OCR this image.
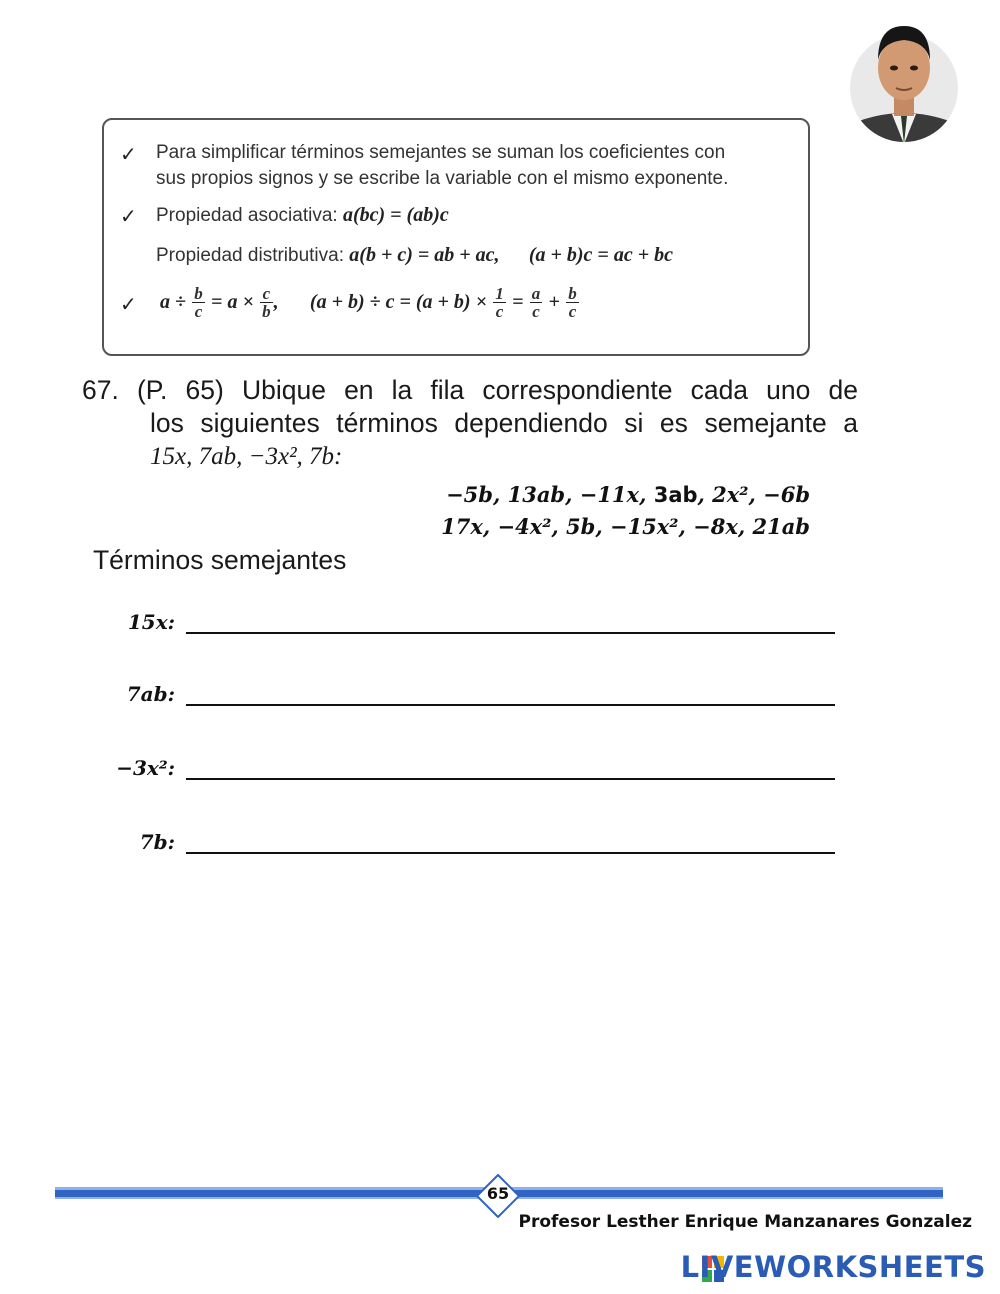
✓ Para simplificar términos semejantes se suman los coeficientes con
sus propios signos y se escribe la variable con el mismo exponente.
✓ Propiedad asociativa: a(bc) = (ab)c
Propiedad distributiva: a(b + c) = ab + ac, (a + b)c = ac + bc
✓ $a \div \frac{b}{c} = a \times \frac{c}{b}$ , $(a + b) \div c = (a + b) \times \frac{1}{c} = \frac{a}{c} + \frac{b}{c}$
67. (P. 65) Ubique en la fila correspondiente cada uno de
los siguientes términos dependiendo si es semejante a
15x, 7ab, −3x², 7b:
−5b, 13ab, −11x, 3ab, 2x², −6b
17x, −4x², 5b, −15x², −8x, 21ab
Términos semejantes
15x:
7ab:
−3x²:
7b:
65
Profesor Lesther Enrique Manzanares Gonzalez
LIVEWORKSHEETS
